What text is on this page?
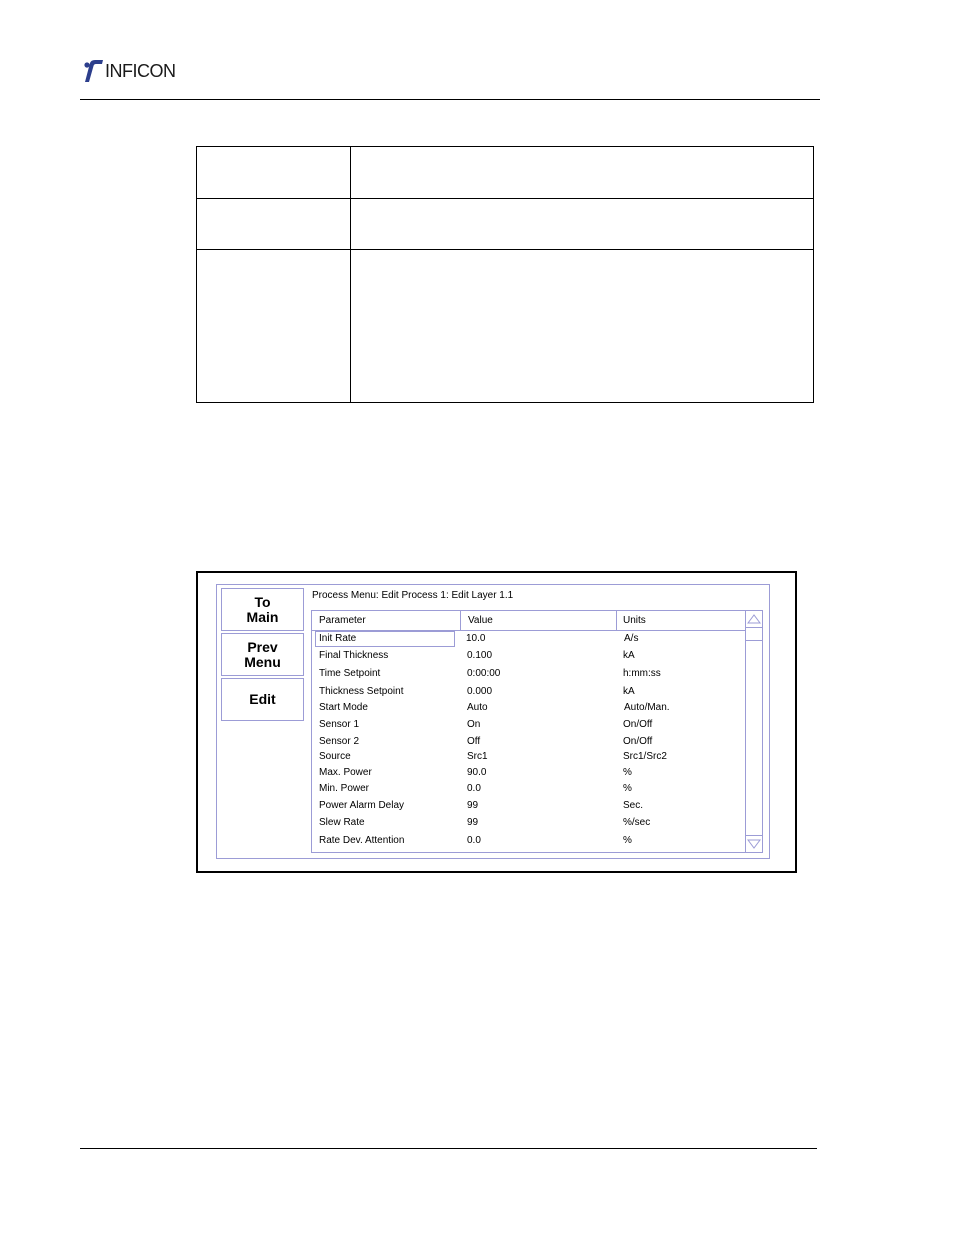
INFICON
To
Main
Prev
Menu
Edit
Process Menu: Edit Process 1: Edit Layer 1.1
Parameter	Value	Units
Init Rate	10.0	A/s
Final Thickness	0.100	kA
Time Setpoint	0:00:00	h:mm:ss
Thickness Setpoint	0.000	kA
Start Mode	Auto	Auto/Man.
Sensor 1	On	On/Off
Sensor 2	Off	On/Off
Source	Src1	Src1/Src2
Max. Power	90.0	%
Min. Power	0.0	%
Power Alarm Delay	99	Sec.
Slew Rate	99	%/sec
Rate Dev. Attention	0.0	%
